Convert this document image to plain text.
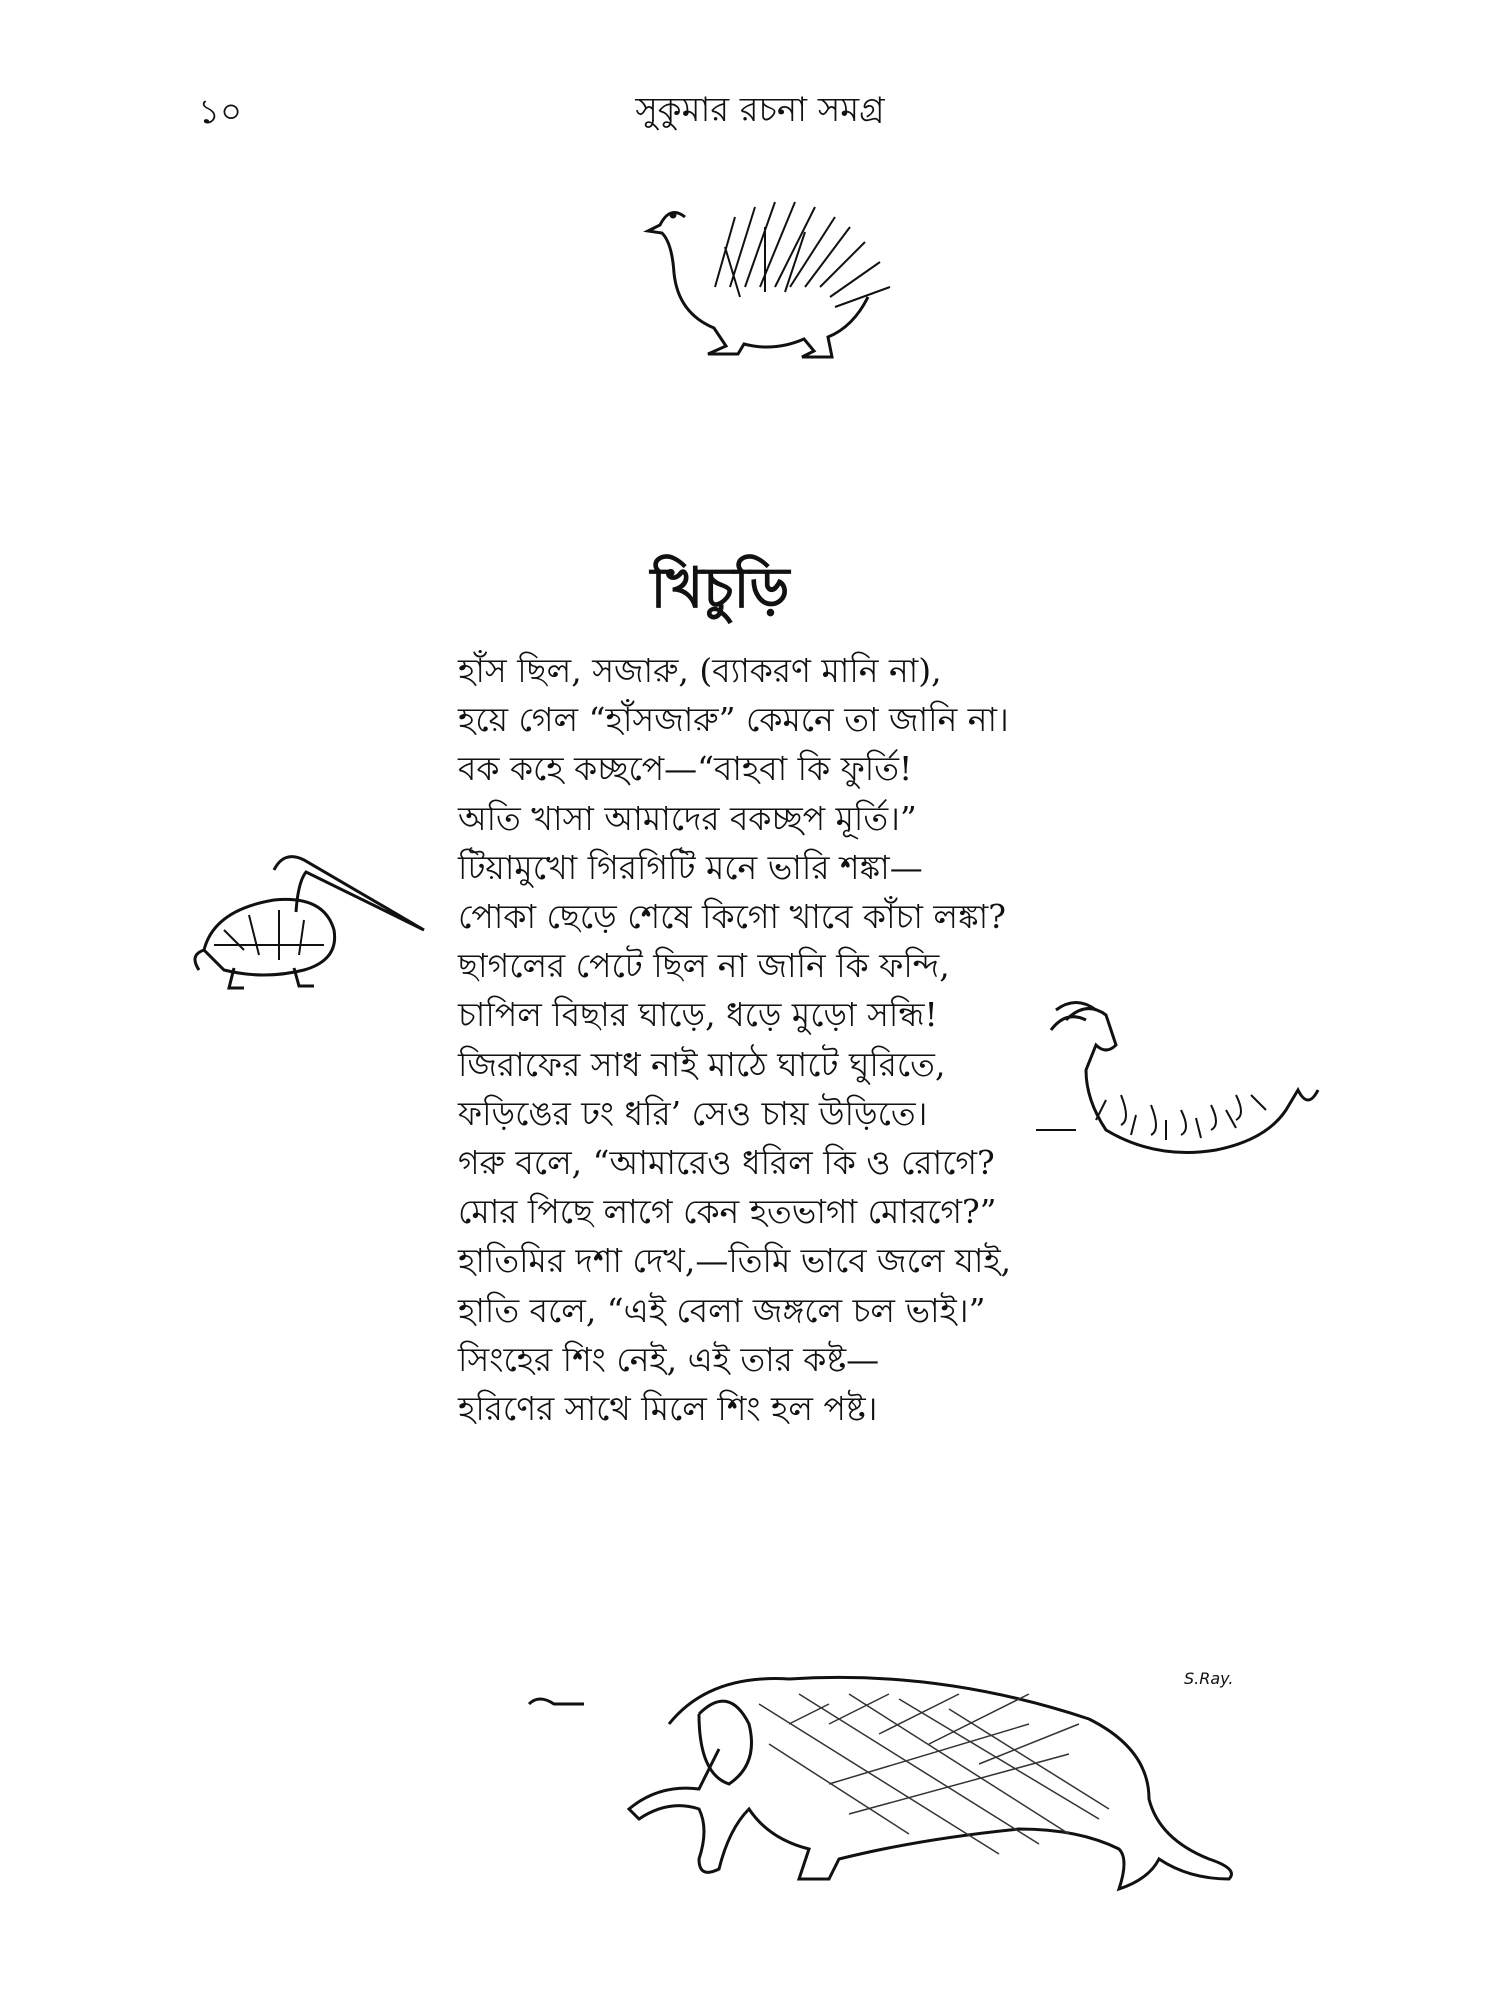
১০	সুকুমার রচনা সমগ্র
খিচুড়ি
হাঁস ছিল, সজারু, (ব্যাকরণ মানি না),
হয়ে গেল “হাঁসজারু” কেমনে তা জানি না।
বক কহে কচ্ছপে—“বাহবা কি ফুর্তি!
অতি খাসা আমাদের বকচ্ছপ মূর্তি।”
টিয়ামুখো গিরগিটি মনে ভারি শঙ্কা—
পোকা ছেড়ে শেষে কিগো খাবে কাঁচা লঙ্কা?
ছাগলের পেটে ছিল না জানি কি ফন্দি,
চাপিল বিছার ঘাড়ে, ধড়ে মুড়ো সন্ধি!
জিরাফের সাধ নাই মাঠে ঘাটে ঘুরিতে,
ফড়িঙের ঢং ধরি’ সেও চায় উড়িতে।
গরু বলে, “আমারেও ধরিল কি ও রোগে?
মোর পিছে লাগে কেন হতভাগা মোরগে?”
হাতিমির দশা দেখ,—তিমি ভাবে জলে যাই,
হাতি বলে, “এই বেলা জঙ্গলে চল ভাই।”
সিংহের শিং নেই, এই তার কষ্ট—
হরিণের সাথে মিলে শিং হল পষ্ট।
S.Ray.
